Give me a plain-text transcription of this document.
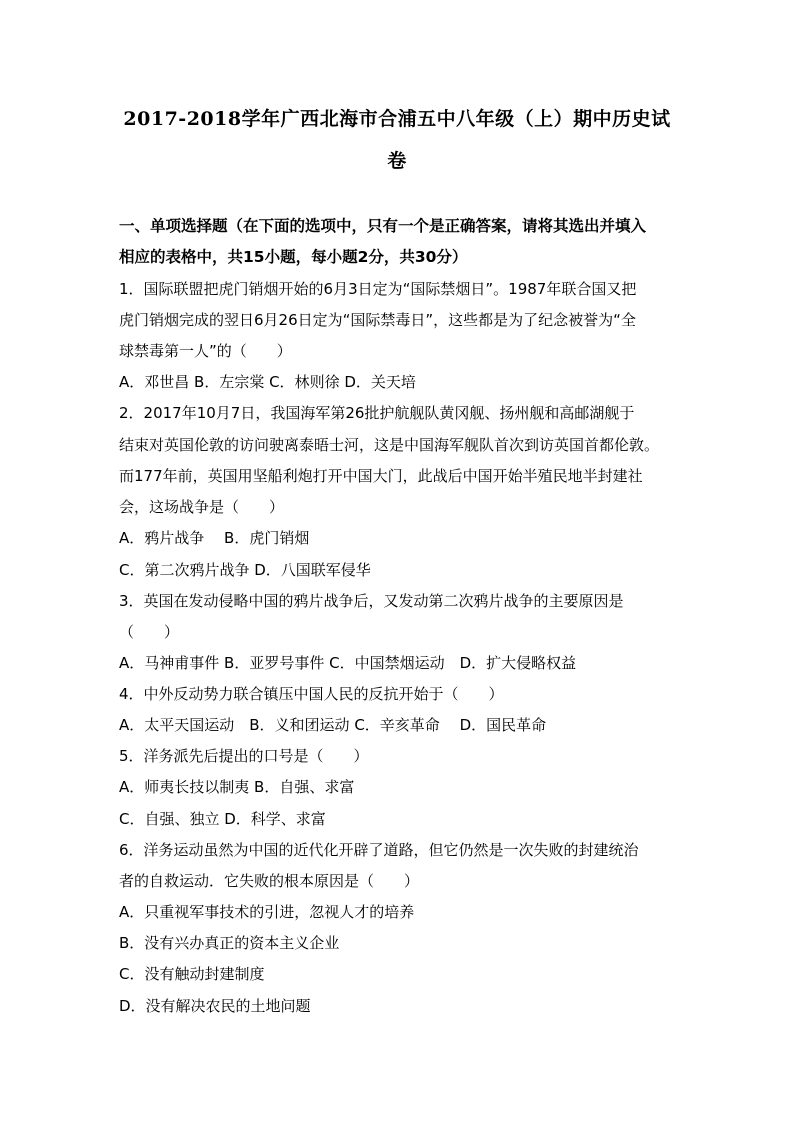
2017-2018学年广西北海市合浦五中八年级（上）期中历史试
卷
一、单项选择题（在下面的选项中，只有一个是正确答案，请将其选出并填入
相应的表格中，共15小题，每小题2分，共30分）
1．国际联盟把虎门销烟开始的6月3日定为“国际禁烟日”。1987年联合国又把
虎门销烟完成的翌日6月26日定为“国际禁毒日”，这些都是为了纪念被誉为“全
球禁毒第一人”的（　　）
A．邓世昌 B．左宗棠 C．林则徐 D．关天培
2．2017年10月7日，我国海军第26批护航舰队黄冈舰、扬州舰和高邮湖舰于
结束对英国伦敦的访问驶离泰晤士河，这是中国海军舰队首次到访英国首都伦敦。
而177年前，英国用坚船利炮打开中国大门，此战后中国开始半殖民地半封建社
会，这场战争是（　　）
A．鸦片战争　 B．虎门销烟
C．第二次鸦片战争 D．八国联军侵华
3．英国在发动侵略中国的鸦片战争后，又发动第二次鸦片战争的主要原因是
（　　）
A．马神甫事件 B．亚罗号事件 C．中国禁烟运动　D．扩大侵略权益
4．中外反动势力联合镇压中国人民的反抗开始于（　　）
A．太平天国运动　B．义和团运动 C．辛亥革命　 D．国民革命
5．洋务派先后提出的口号是（　　）
A．师夷长技以制夷 B．自强、求富
C．自强、独立 D．科学、求富
6．洋务运动虽然为中国的近代化开辟了道路，但它仍然是一次失败的封建统治
者的自救运动．它失败的根本原因是（　　）
A．只重视军事技术的引进，忽视人才的培养
B．没有兴办真正的资本主义企业
C．没有触动封建制度
D．没有解决农民的土地问题
